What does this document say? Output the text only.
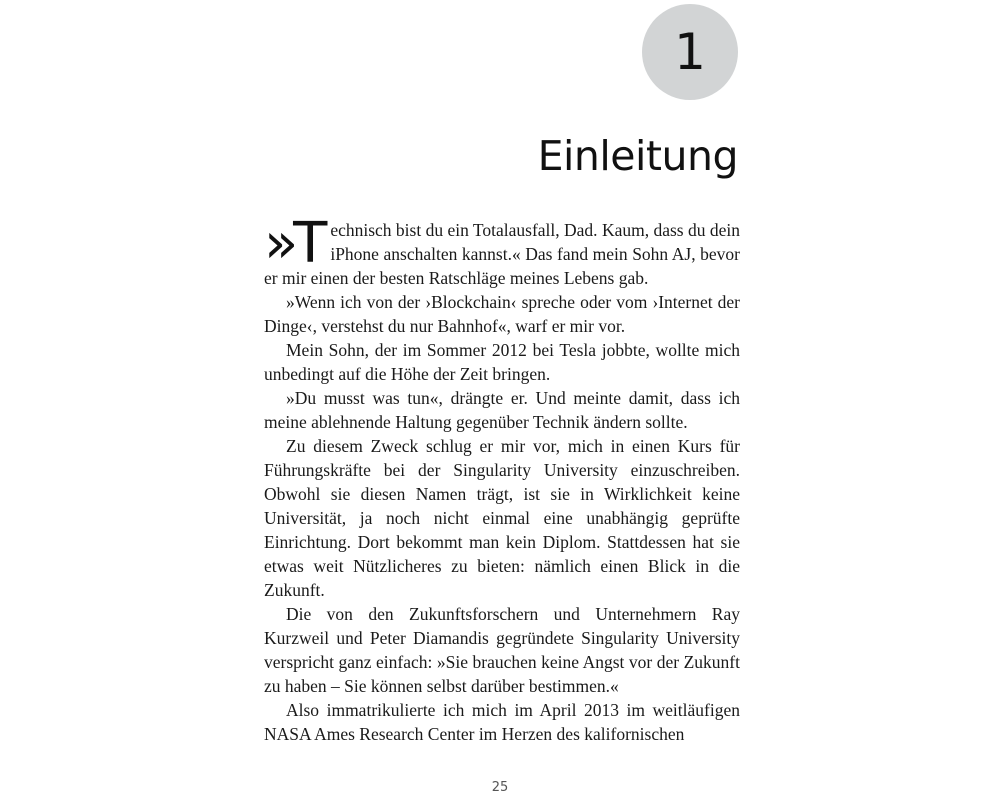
1
Einleitung

»T echnisch bist du ein Totalausfall, Dad. Kaum, dass du dein iPhone anschalten kannst.« Das fand mein Sohn AJ, bevor er mir einen der besten Ratschläge meines Lebens gab.

»Wenn ich von der ›Blockchain‹ spreche oder vom ›Internet der Dinge‹, verstehst du nur Bahnhof«, warf er mir vor.

Mein Sohn, der im Sommer 2012 bei Tesla jobbte, wollte mich unbedingt auf die Höhe der Zeit bringen.

»Du musst was tun«, drängte er. Und meinte damit, dass ich meine ablehnende Haltung gegenüber Technik ändern sollte.

Zu diesem Zweck schlug er mir vor, mich in einen Kurs für Führungskräfte bei der Singularity University einzuschreiben. Obwohl sie diesen Namen trägt, ist sie in Wirklichkeit keine Universität, ja noch nicht einmal eine unabhängig geprüfte Einrichtung. Dort bekommt man kein Diplom. Stattdessen hat sie etwas weit Nützlicheres zu bieten: nämlich einen Blick in die Zukunft.

Die von den Zukunftsforschern und Unternehmern Ray Kurzweil und Peter Diamandis gegründete Singularity University verspricht ganz einfach: »Sie brauchen keine Angst vor der Zukunft zu haben – Sie können selbst darüber bestimmen.«

Also immatrikulierte ich mich im April 2013 im weitläufigen NASA Ames Research Center im Herzen des kalifornischen

25
